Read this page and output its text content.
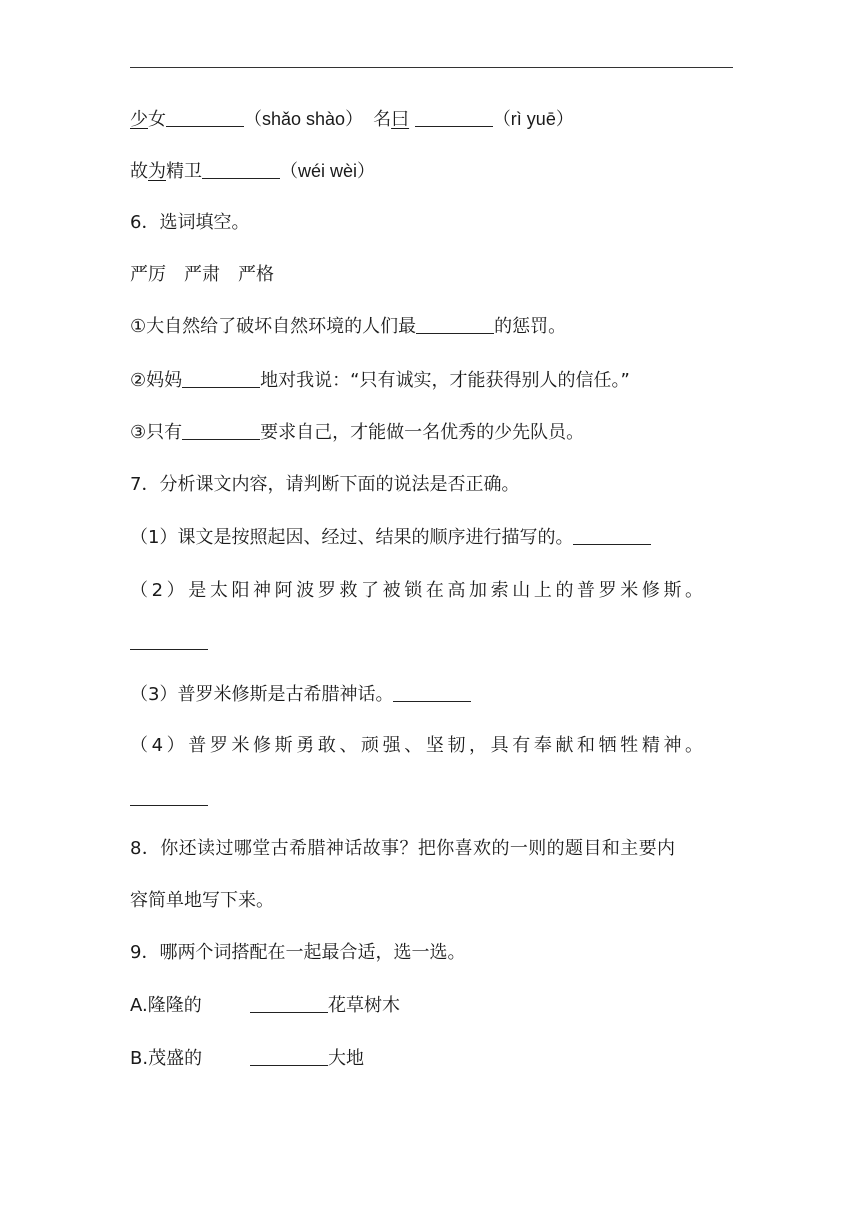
少女	（shǎo shào） 名曰	（rì yuē）
故为精卫	（wéi wèi）
6．选词填空。
严厉　严肃　严格
①大自然给了破坏自然环境的人们最	的惩罚。
②妈妈	地对我说：“只有诚实，才能获得别人的信任。”
③只有	要求自己，才能做一名优秀的少先队员。
7．分析课文内容，请判断下面的说法是否正确。
（1）课文是按照起因、经过、结果的顺序进行描写的。
（2）是太阳神阿波罗救了被锁在高加索山上的普罗米修斯。
（3）普罗米修斯是古希腊神话。
（4）普罗米修斯勇敢、顽强、坚韧，具有奉献和牺牲精神。
8．你还读过哪堂古希腊神话故事？把你喜欢的一则的题目和主要内
容简单地写下来。
9．哪两个词搭配在一起最合适，选一选。
A.隆隆的	花草树木
B.茂盛的	大地
